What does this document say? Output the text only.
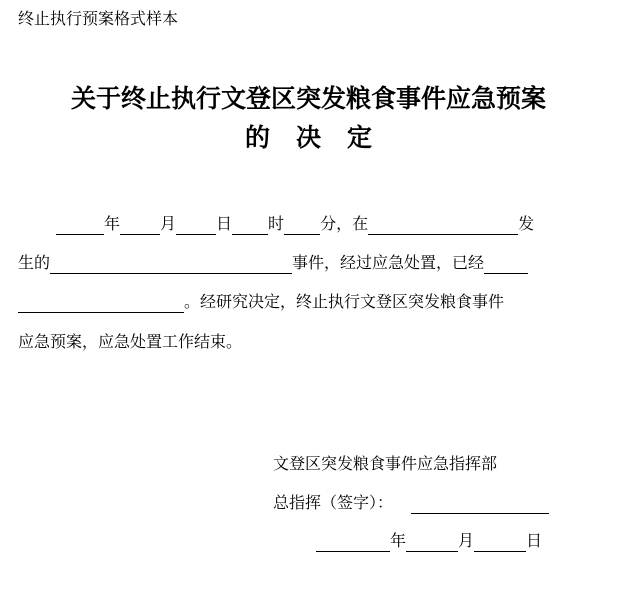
终止执行预案格式样本
关于终止执行文登区突发粮食事件应急预案
的决定
年	月	日 时 分，在	发
生的	事件，经过应急处置，已经
。经研究决定，终止执行文登区突发粮食事件
应急预案，应急处置工作结束。
文登区突发粮食事件应急指挥部
总指挥（签字）：
年	月	日
